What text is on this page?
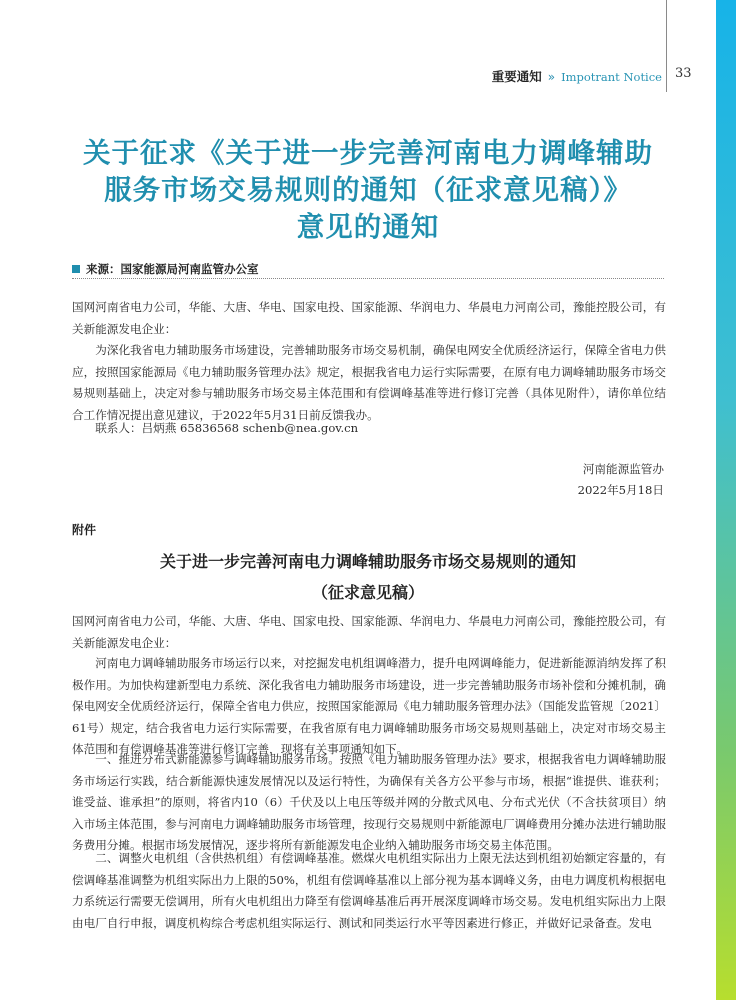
重要通知 » Impotrant Notice 33
关于征求《关于进一步完善河南电力调峰辅助
服务市场交易规则的通知（征求意见稿）》
意见的通知
来源：国家能源局河南监管办公室

国网河南省电力公司，华能、大唐、华电、国家电投、国家能源、华润电力、华晨电力河南公司，豫能控股公司，有关新能源发电企业：

为深化我省电力辅助服务市场建设，完善辅助服务市场交易机制，确保电网安全优质经济运行，保障全省电力供应，按照国家能源局《电力辅助服务管理办法》规定，根据我省电力运行实际需要，在原有电力调峰辅助服务市场交易规则基础上，决定对参与辅助服务市场交易主体范围和有偿调峰基准等进行修订完善（具体见附件），请你单位结合工作情况提出意见建议，于2022年5月31日前反馈我办。

联系人：吕炳燕 65836568 schenb@nea.gov.cn

河南能源监管办
2022年5月18日
附件
关于进一步完善河南电力调峰辅助服务市场交易规则的通知
（征求意见稿）

国网河南省电力公司，华能、大唐、华电、国家电投、国家能源、华润电力、华晨电力河南公司，豫能控股公司，有关新能源发电企业：

河南电力调峰辅助服务市场运行以来，对挖掘发电机组调峰潜力，提升电网调峰能力，促进新能源消纳发挥了积极作用。为加快构建新型电力系统、深化我省电力辅助服务市场建设，进一步完善辅助服务市场补偿和分摊机制，确保电网安全优质经济运行，保障全省电力供应，按照国家能源局《电力辅助服务管理办法》（国能发监管规〔2021〕61号）规定，结合我省电力运行实际需要，在我省原有电力调峰辅助服务市场交易规则基础上，决定对市场交易主体范围和有偿调峰基准等进行修订完善，现将有关事项通知如下。

一、推进分布式新能源参与调峰辅助服务市场。按照《电力辅助服务管理办法》要求，根据我省电力调峰辅助服务市场运行实践，结合新能源快速发展情况以及运行特性，为确保有关各方公平参与市场，根据“谁提供、谁获利；谁受益、谁承担”的原则，将省内10（6）千伏及以上电压等级并网的分散式风电、分布式光伏（不含扶贫项目）纳入市场主体范围，参与河南电力调峰辅助服务市场管理，按现行交易规则中新能源电厂调峰费用分摊办法进行辅助服务费用分摊。根据市场发展情况，逐步将所有新能源发电企业纳入辅助服务市场交易主体范围。

二、调整火电机组（含供热机组）有偿调峰基准。燃煤火电机组实际出力上限无法达到机组初始额定容量的，有偿调峰基准调整为机组实际出力上限的50%，机组有偿调峰基准以上部分视为基本调峰义务，由电力调度机构根据电力系统运行需要无偿调用，所有火电机组出力降至有偿调峰基准后再开展深度调峰市场交易。发电机组实际出力上限由电厂自行申报，调度机构综合考虑机组实际运行、测试和同类运行水平等因素进行修正，并做好记录备查。发电
